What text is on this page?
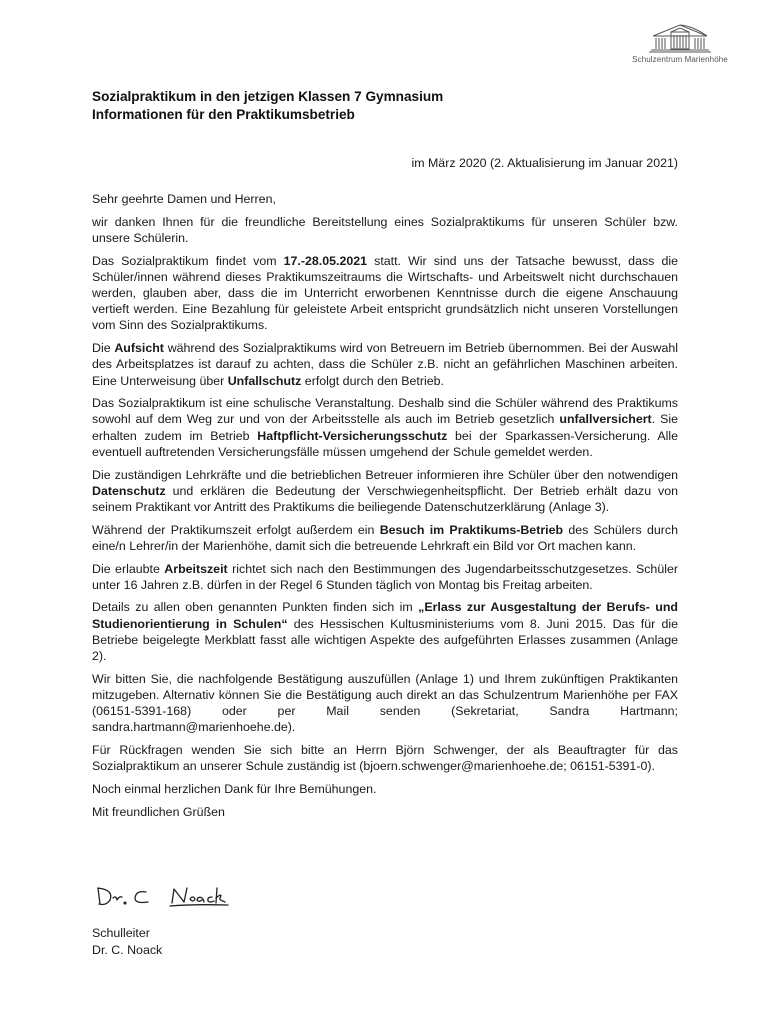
Schulzentrum Marienhöhe
Sozialpraktikum in den jetzigen Klassen 7 Gymnasium
Informationen für den Praktikumsbetrieb
im März 2020 (2. Aktualisierung im Januar 2021)

Sehr geehrte Damen und Herren,

wir danken Ihnen für die freundliche Bereitstellung eines Sozialpraktikums für unseren Schüler bzw. unsere Schülerin.

Das Sozialpraktikum findet vom 17.-28.05.2021 statt. Wir sind uns der Tatsache bewusst, dass die Schüler/innen während dieses Praktikumszeitraums die Wirtschafts- und Arbeitswelt nicht durchschauen werden, glauben aber, dass die im Unterricht erworbenen Kenntnisse durch die eigene Anschauung vertieft werden. Eine Bezahlung für geleistete Arbeit entspricht grundsätzlich nicht unseren Vorstellungen vom Sinn des Sozialpraktikums.

Die Aufsicht während des Sozialpraktikums wird von Betreuern im Betrieb übernommen. Bei der Auswahl des Arbeitsplatzes ist darauf zu achten, dass die Schüler z.B. nicht an gefährlichen Maschinen arbeiten. Eine Unterweisung über Unfallschutz erfolgt durch den Betrieb.

Das Sozialpraktikum ist eine schulische Veranstaltung. Deshalb sind die Schüler während des Praktikums sowohl auf dem Weg zur und von der Arbeitsstelle als auch im Betrieb gesetzlich unfallversichert. Sie erhalten zudem im Betrieb Haftpflicht-Versicherungsschutz bei der Sparkassen-Versicherung. Alle eventuell auftretenden Versicherungsfälle müssen umgehend der Schule gemeldet werden.

Die zuständigen Lehrkräfte und die betrieblichen Betreuer informieren ihre Schüler über den notwendigen Datenschutz und erklären die Bedeutung der Verschwiegenheitspflicht. Der Betrieb erhält dazu von seinem Praktikant vor Antritt des Praktikums die beiliegende Datenschutzerklärung (Anlage 3).

Während der Praktikumszeit erfolgt außerdem ein Besuch im Praktikums-Betrieb des Schülers durch eine/n Lehrer/in der Marienhöhe, damit sich die betreuende Lehrkraft ein Bild vor Ort machen kann.

Die erlaubte Arbeitszeit richtet sich nach den Bestimmungen des Jugendarbeitsschutzgesetzes. Schüler unter 16 Jahren z.B. dürfen in der Regel 6 Stunden täglich von Montag bis Freitag arbeiten.

Details zu allen oben genannten Punkten finden sich im „Erlass zur Ausgestaltung der Berufs- und Studienorientierung in Schulen“ des Hessischen Kultusministeriums vom 8. Juni 2015. Das für die Betriebe beigelegte Merkblatt fasst alle wichtigen Aspekte des aufgeführten Erlasses zusammen (Anlage 2).

Wir bitten Sie, die nachfolgende Bestätigung auszufüllen (Anlage 1) und Ihrem zukünftigen Praktikanten mitzugeben. Alternativ können Sie die Bestätigung auch direkt an das Schulzentrum Marienhöhe per FAX (06151-5391-168) oder per Mail senden (Sekretariat, Sandra Hartmann; sandra.hartmann@marienhoehe.de).

Für Rückfragen wenden Sie sich bitte an Herrn Björn Schwenger, der als Beauftragter für das Sozialpraktikum an unserer Schule zuständig ist (bjoern.schwenger@marienhoehe.de; 06151-5391-0).

Noch einmal herzlichen Dank für Ihre Bemühungen.

Mit freundlichen Grüßen

Schulleiter
Dr. C. Noack
